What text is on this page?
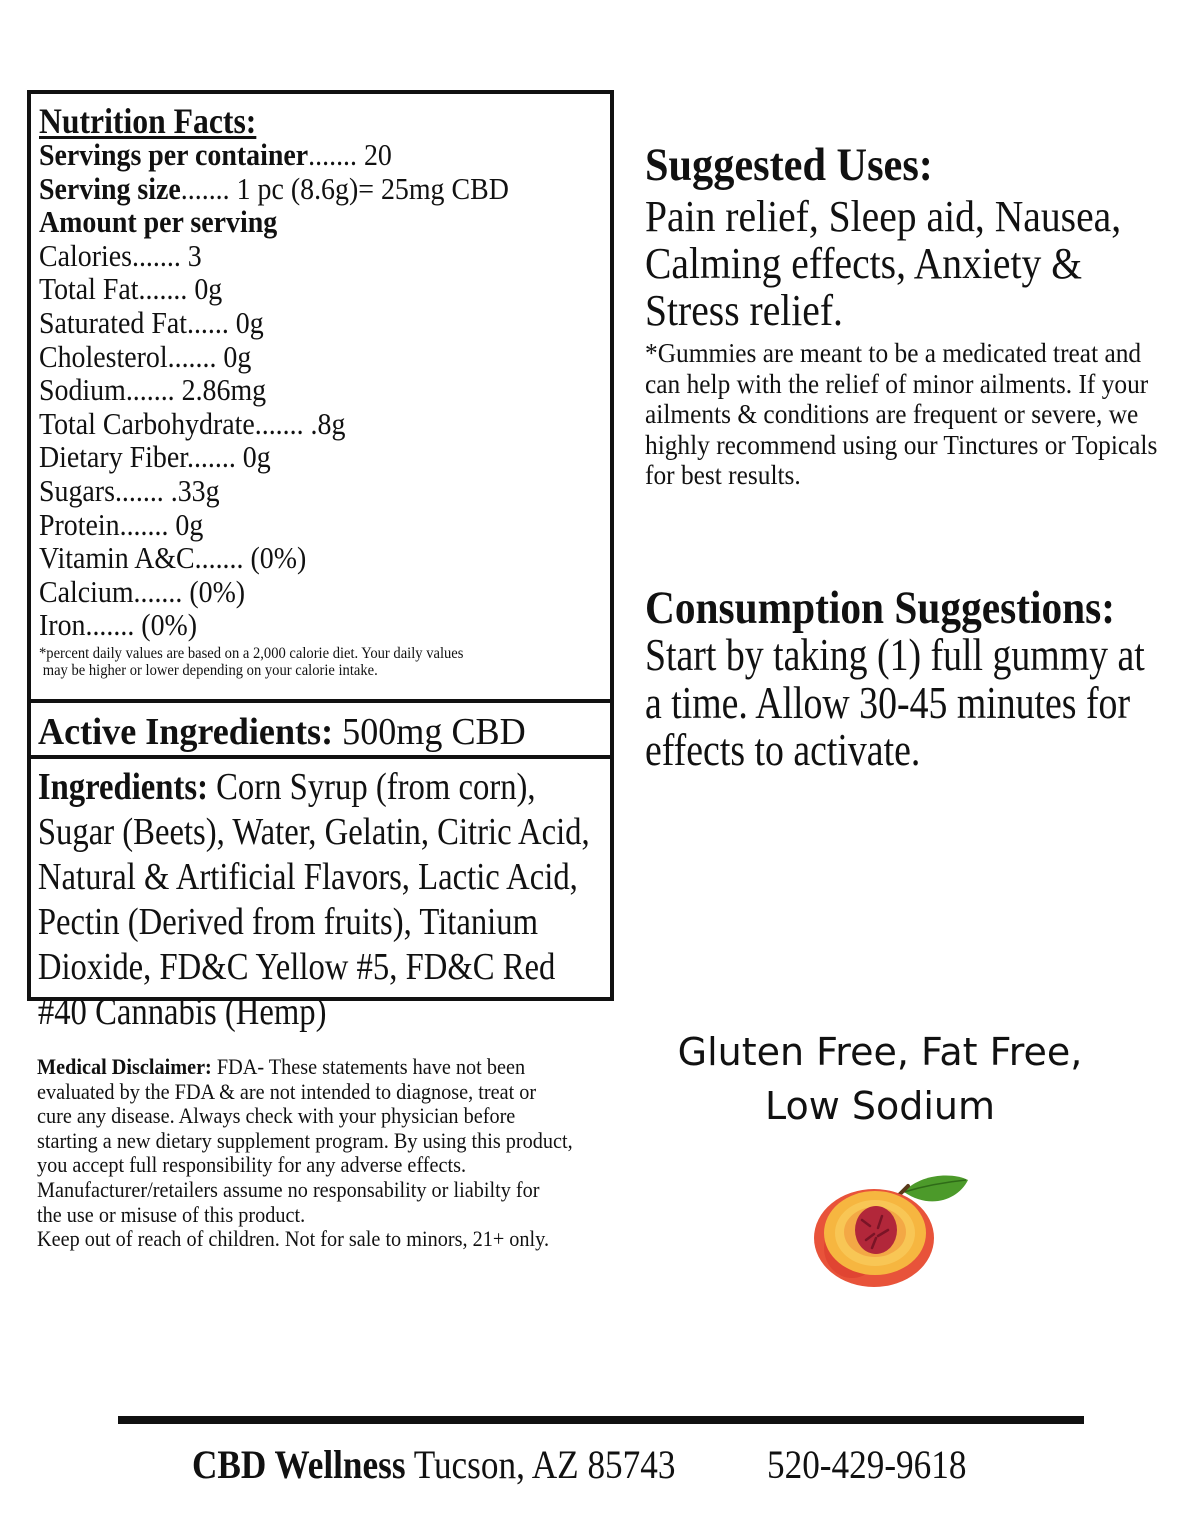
Nutrition Facts:
Servings per container....... 20
Serving size....... 1 pc (8.6g)= 25mg CBD
Amount per serving
Calories....... 3
Total Fat....... 0g
Saturated Fat...... 0g
Cholesterol....... 0g
Sodium....... 2.86mg
Total Carbohydrate....... .8g
Dietary Fiber....... 0g
Sugars....... .33g
Protein....... 0g
Vitamin A&C....... (0%)
Calcium....... (0%)
Iron....... (0%)
*percent daily values are based on a 2,000 calorie diet. Your daily values
may be higher or lower depending on your calorie intake.
Active Ingredients: 500mg CBD
Ingredients: Corn Syrup (from corn), Sugar (Beets), Water, Gelatin, Citric Acid, Natural & Artificial Flavors, Lactic Acid, Pectin (Derived from fruits), Titanium Dioxide, FD&C Yellow #5, FD&C Red #40 Cannabis (Hemp)
Suggested Uses:
Pain relief, Sleep aid, Nausea, Calming effects, Anxiety & Stress relief.
*Gummies are meant to be a medicated treat and can help with the relief of minor ailments. If your ailments & conditions are frequent or severe, we highly recommend using our Tinctures or Topicals for best results.
Consumption Suggestions:
Start by taking (1) full gummy at a time. Allow 30-45 minutes for effects to activate.
Gluten Free, Fat Free,
Low Sodium
Medical Disclaimer: FDA- These statements have not been
evaluated by the FDA & are not intended to diagnose, treat or
cure any disease. Always check with your physician before
starting a new dietary supplement program. By using this product,
you accept full responsibility for any adverse effects.
Manufacturer/retailers assume no responsability or liabilty for
the use or misuse of this product.
Keep out of reach of children. Not for sale to minors, 21+ only.
CBD Wellness Tucson, AZ 85743 520-429-9618
